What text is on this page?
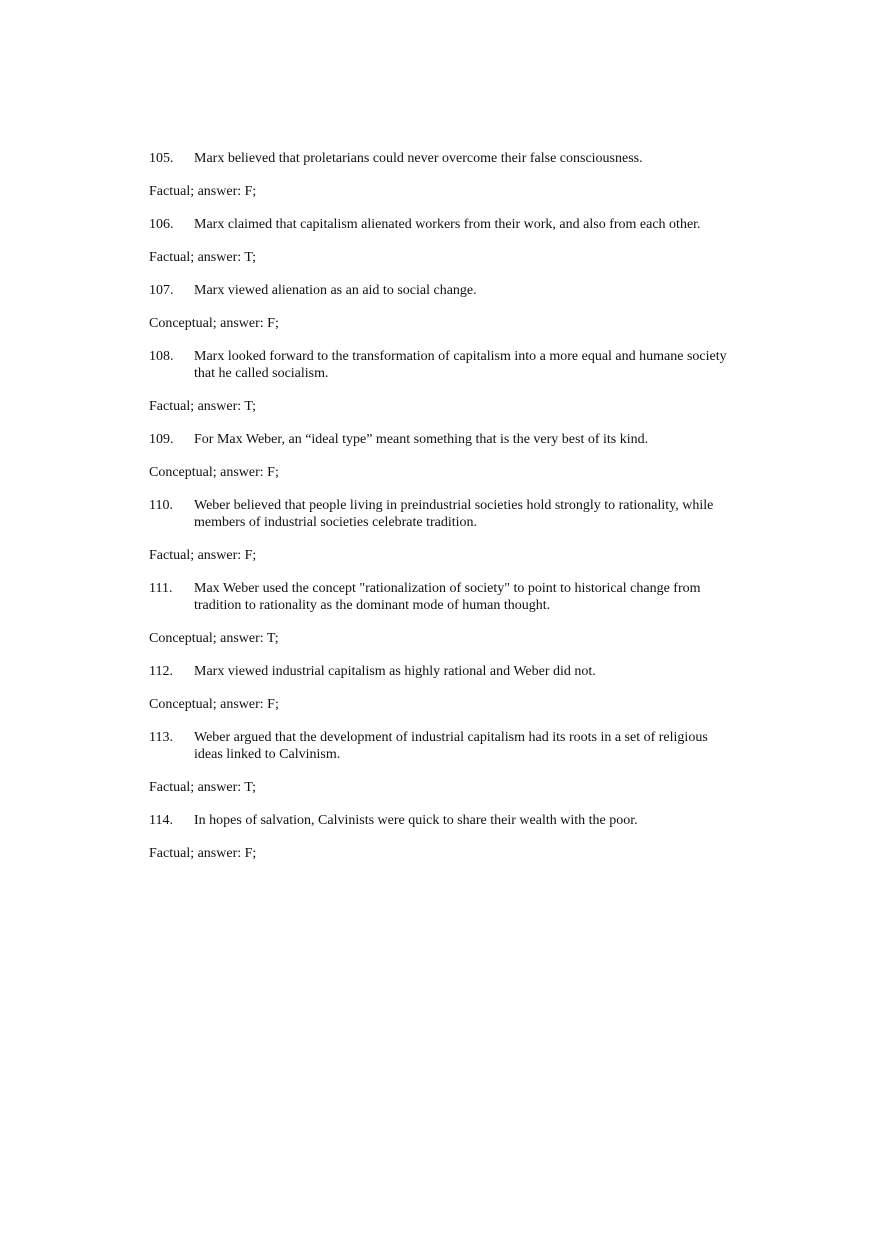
105.	Marx believed that proletarians could never overcome their false consciousness.
Factual; answer: F;
106.	Marx claimed that capitalism alienated workers from their work, and also from each other.
Factual; answer: T;
107.	Marx viewed alienation as an aid to social change.
Conceptual; answer: F;
108.	Marx looked forward to the transformation of capitalism into a more equal and humane society that he called socialism.
Factual; answer: T;
109.	For Max Weber, an “ideal type” meant something that is the very best of its kind.
Conceptual; answer: F;
110.	Weber believed that people living in preindustrial societies hold strongly to rationality, while members of industrial societies celebrate tradition.
Factual; answer: F;
111.	Max Weber used the concept "rationalization of society" to point to historical change from tradition to rationality as the dominant mode of human thought.
Conceptual; answer: T;
112.	Marx viewed industrial capitalism as highly rational and Weber did not.
Conceptual; answer: F;
113.	Weber argued that the development of industrial capitalism had its roots in a set of religious ideas linked to Calvinism.
Factual; answer: T;
114.	In hopes of salvation, Calvinists were quick to share their wealth with the poor.
Factual; answer: F;
